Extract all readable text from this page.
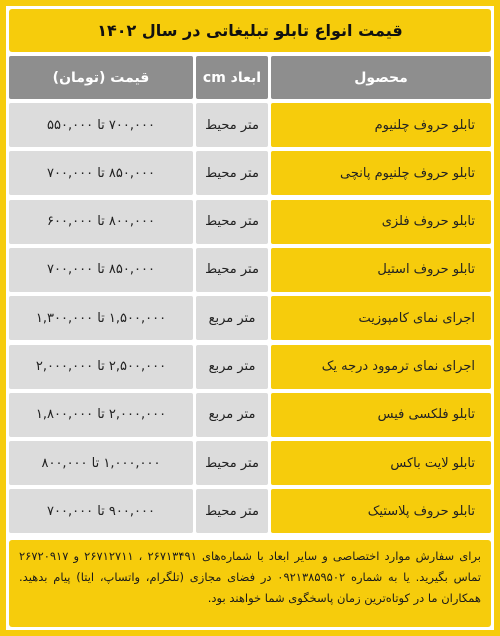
قیمت انواع تابلو تبلیغاتی در سال ۱۴۰۲
محصول
ابعاد cm
قیمت (تومان)
تابلو حروف چلنیوم
متر محیط
۷۰۰,۰۰۰ تا ۵۵۰,۰۰۰
تابلو حروف چلنیوم پانچی
متر محیط
۸۵۰,۰۰۰ تا ۷۰۰,۰۰۰
تابلو حروف فلزی
متر محیط
۸۰۰,۰۰۰ تا ۶۰۰,۰۰۰
تابلو حروف استیل
متر محیط
۸۵۰,۰۰۰ تا ۷۰۰,۰۰۰
اجرای نمای کامپوزیت
متر مربع
۱,۵۰۰,۰۰۰ تا ۱,۳۰۰,۰۰۰
اجرای نمای ترموود درجه یک
متر مربع
۲,۵۰۰,۰۰۰ تا ۲,۰۰۰,۰۰۰
تابلو فلکسی فیس
متر مربع
۲,۰۰۰,۰۰۰ تا ۱,۸۰۰,۰۰۰
تابلو لایت باکس
متر محیط
۱,۰۰۰,۰۰۰ تا ۸۰۰,۰۰۰
تابلو حروف پلاستیک
متر محیط
۹۰۰,۰۰۰ تا ۷۰۰,۰۰۰
برای سفارش موارد اختصاصی و سایر ابعاد با شماره‌های ۲۶۷۱۳۴۹۱ ، ۲۶۷۱۲۷۱۱ و ۲۶۷۲۰۹۱۷ تماس بگیرید. یا به شماره ۰۹۲۱۳۸۵۹۵۰۲ در فضای مجازی (تلگرام، واتساپ، ایتا) پیام بدهید. همکاران ما در کوتاه‌ترین زمان پاسخگوی شما خواهند بود.
